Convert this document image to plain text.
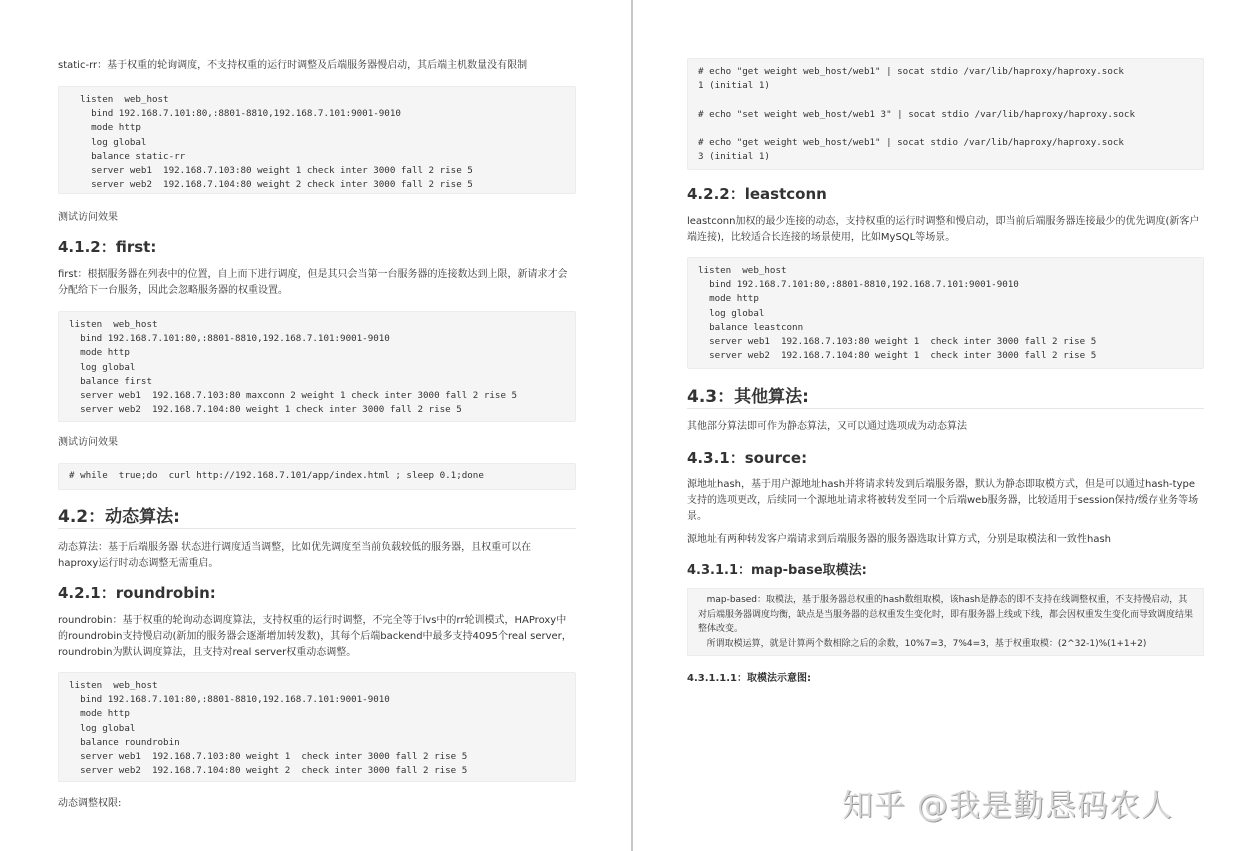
static-rr：基于权重的轮询调度，不支持权重的运行时调整及后端服务器慢启动，其后端主机数量没有限制
listen  web_host
bind 192.168.7.101:80,:8801-8810,192.168.7.101:9001-9010
mode http
log global
balance static-rr
server web1  192.168.7.103:80 weight 1 check inter 3000 fall 2 rise 5
server web2  192.168.7.104:80 weight 2 check inter 3000 fall 2 rise 5
测试访问效果
4.1.2：first:
first：根据服务器在列表中的位置，自上而下进行调度，但是其只会当第一台服务器的连接数达到上限，新请求才会分配给下一台服务，因此会忽略服务器的权重设置。
listen  web_host
bind 192.168.7.101:80,:8801-8810,192.168.7.101:9001-9010
mode http
log global
balance first
server web1  192.168.7.103:80 maxconn 2 weight 1 check inter 3000 fall 2 rise 5
server web2  192.168.7.104:80 weight 1 check inter 3000 fall 2 rise 5
测试访问效果
# while  true;do  curl http://192.168.7.101/app/index.html ; sleep 0.1;done
4.2：动态算法:
动态算法：基于后端服务器 状态进行调度适当调整，比如优先调度至当前负载较低的服务器，且权重可以在haproxy运行时动态调整无需重启。
4.2.1：roundrobin:
roundrobin：基于权重的轮询动态调度算法，支持权重的运行时调整，不完全等于lvs中的rr轮训模式，HAProxy中的roundrobin支持慢启动(新加的服务器会逐渐增加转发数)，其每个后端backend中最多支持4095个real server，roundrobin为默认调度算法，且支持对real server权重动态调整。
listen  web_host
bind 192.168.7.101:80,:8801-8810,192.168.7.101:9001-9010
mode http
log global
balance roundrobin
server web1  192.168.7.103:80 weight 1  check inter 3000 fall 2 rise 5
server web2  192.168.7.104:80 weight 2  check inter 3000 fall 2 rise 5
动态调整权限:
# echo "get weight web_host/web1" | socat stdio /var/lib/haproxy/haproxy.sock
1 (initial 1)

# echo "set weight web_host/web1 3" | socat stdio /var/lib/haproxy/haproxy.sock

# echo "get weight web_host/web1" | socat stdio /var/lib/haproxy/haproxy.sock
3 (initial 1)
4.2.2：leastconn
leastconn加权的最少连接的动态，支持权重的运行时调整和慢启动，即当前后端服务器连接最少的优先调度(新客户端连接)，比较适合长连接的场景使用，比如MySQL等场景。
listen  web_host
bind 192.168.7.101:80,:8801-8810,192.168.7.101:9001-9010
mode http
log global
balance leastconn
server web1  192.168.7.103:80 weight 1  check inter 3000 fall 2 rise 5
server web2  192.168.7.104:80 weight 1  check inter 3000 fall 2 rise 5
4.3：其他算法:
其他部分算法即可作为静态算法，又可以通过选项成为动态算法
4.3.1：source:
源地址hash，基于用户源地址hash并将请求转发到后端服务器，默认为静态即取模方式，但是可以通过hash-type支持的选项更改，后续同一个源地址请求将被转发至同一个后端web服务器，比较适用于session保持/缓存业务等场景。
源地址有两种转发客户端请求到后端服务器的服务器选取计算方式，分别是取模法和一致性hash
4.3.1.1：map-base取模法:
map-based：取模法，基于服务器总权重的hash数组取模，该hash是静态的即不支持在线调整权重，不支持慢启动，其对后端服务器调度均衡，缺点是当服务器的总权重发生变化时，即有服务器上线或下线，都会因权重发生变化而导致调度结果整体改变。
所谓取模运算，就是计算两个数相除之后的余数，10%7=3，7%4=3，基于权重取模：(2^32-1)%(1+1+2)
4.3.1.1.1：取模法示意图:
知乎 @我是勤恳码农人
